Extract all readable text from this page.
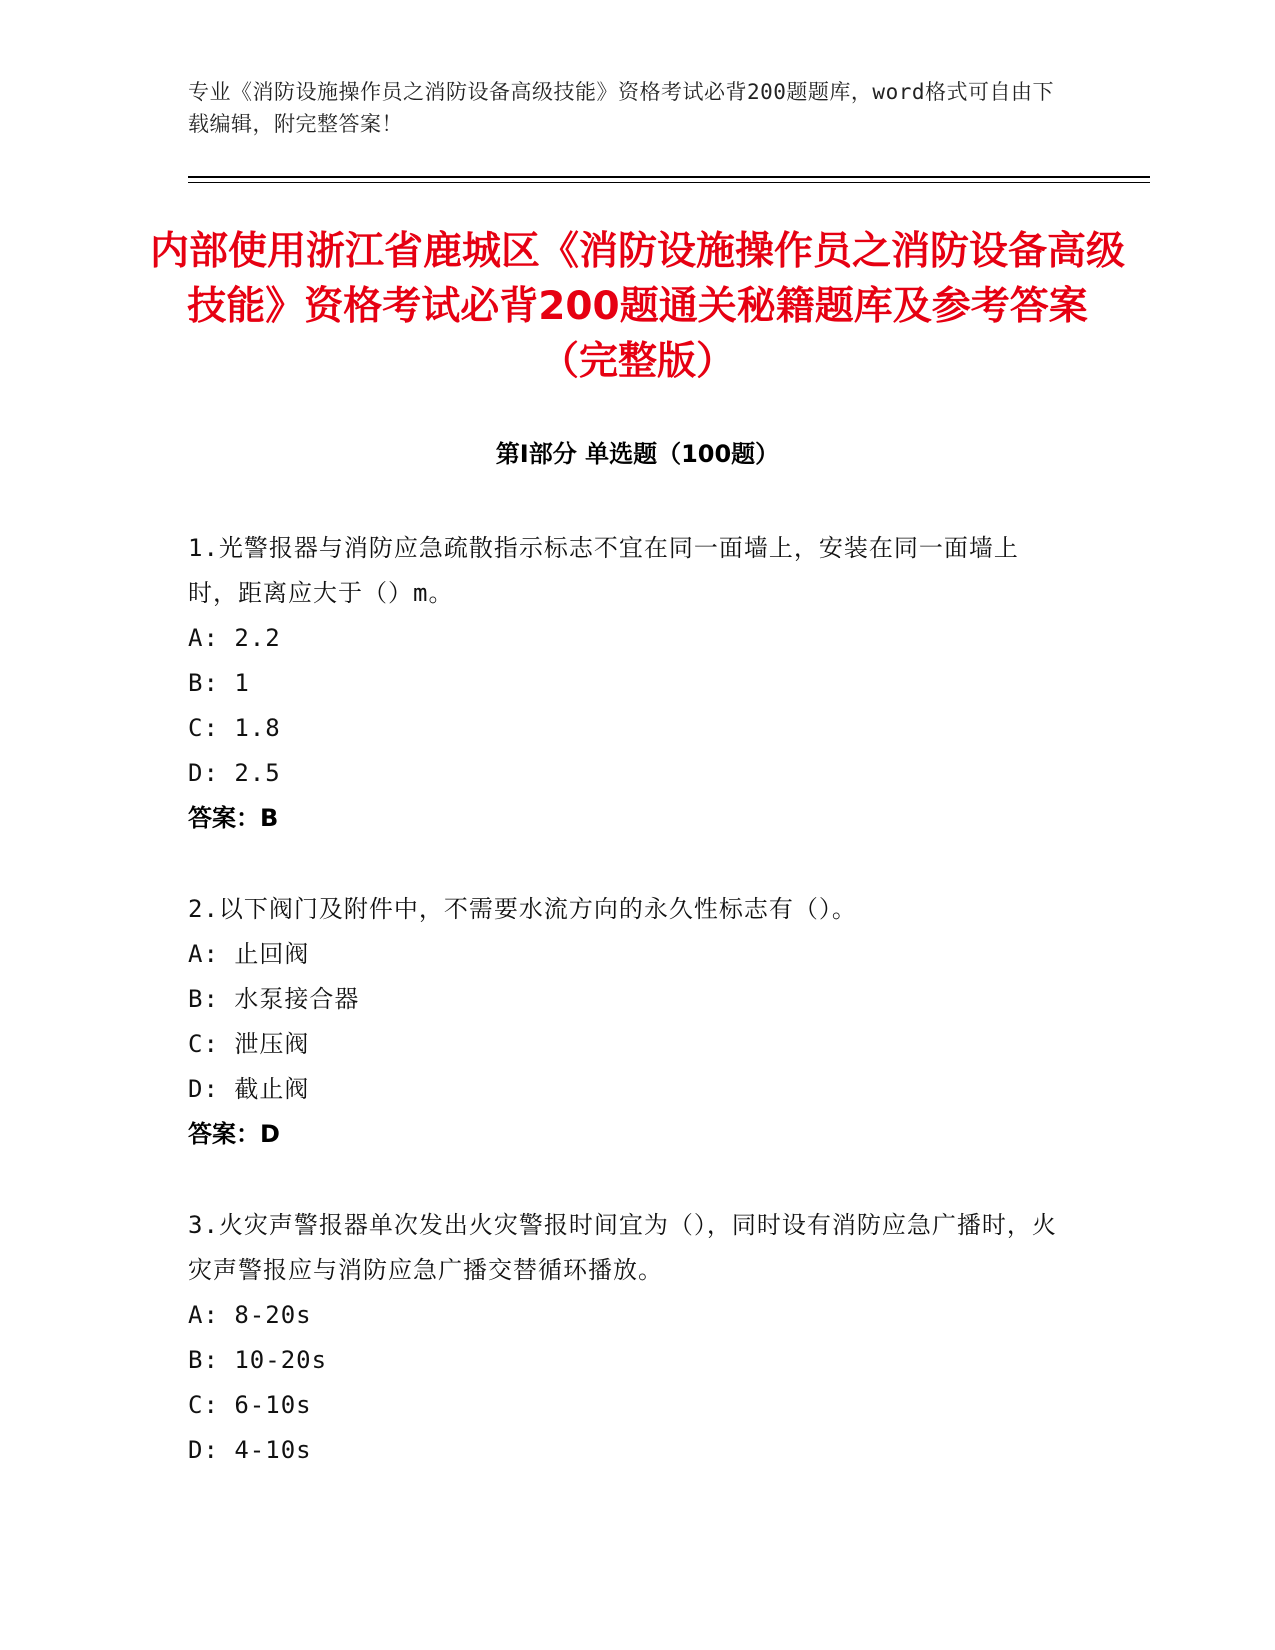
专业《消防设施操作员之消防设备高级技能》资格考试必背200题题库，word格式可自由下载编辑，附完整答案！
内部使用浙江省鹿城区《消防设施操作员之消防设备高级技能》资格考试必背200题通关秘籍题库及参考答案（完整版）
第I部分 单选题（100题）
1.光警报器与消防应急疏散指示标志不宜在同一面墙上，安装在同一面墙上时，距离应大于（）m。
A: 2.2
B: 1
C: 1.8
D: 2.5
答案：B
2.以下阀门及附件中，不需要水流方向的永久性标志有（）。
A: 止回阀
B: 水泵接合器
C: 泄压阀
D: 截止阀
答案：D
3.火灾声警报器单次发出火灾警报时间宜为（），同时设有消防应急广播时，火灾声警报应与消防应急广播交替循环播放。
A: 8-20s
B: 10-20s
C: 6-10s
D: 4-10s
